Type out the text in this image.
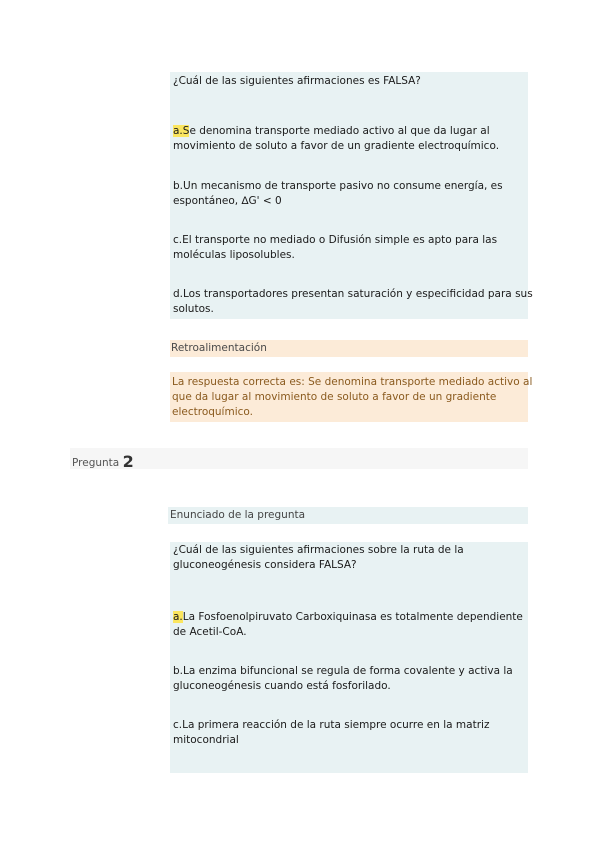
¿Cuál de las siguientes afirmaciones es FALSA?
a.Se denomina transporte mediado activo al que da lugar al
movimiento de soluto a favor de un gradiente electroquímico.
b.Un mecanismo de transporte pasivo no consume energía, es
espontáneo, ∆G' < 0
c.El transporte no mediado o Difusión simple es apto para las
moléculas liposolubles.
d.Los transportadores presentan saturación y especificidad para sus
solutos.
Retroalimentación
La respuesta correcta es: Se denomina transporte mediado activo al
que da lugar al movimiento de soluto a favor de un gradiente
electroquímico.
Pregunta 2
Enunciado de la pregunta
¿Cuál de las siguientes afirmaciones sobre la ruta de la
gluconeogénesis considera FALSA?
a.La Fosfoenolpiruvato Carboxiquinasa es totalmente dependiente
de Acetil-CoA.
b.La enzima bifuncional se regula de forma covalente y activa la
gluconeogénesis cuando está fosforilado.
c.La primera reacción de la ruta siempre ocurre en la matriz
mitocondrial
